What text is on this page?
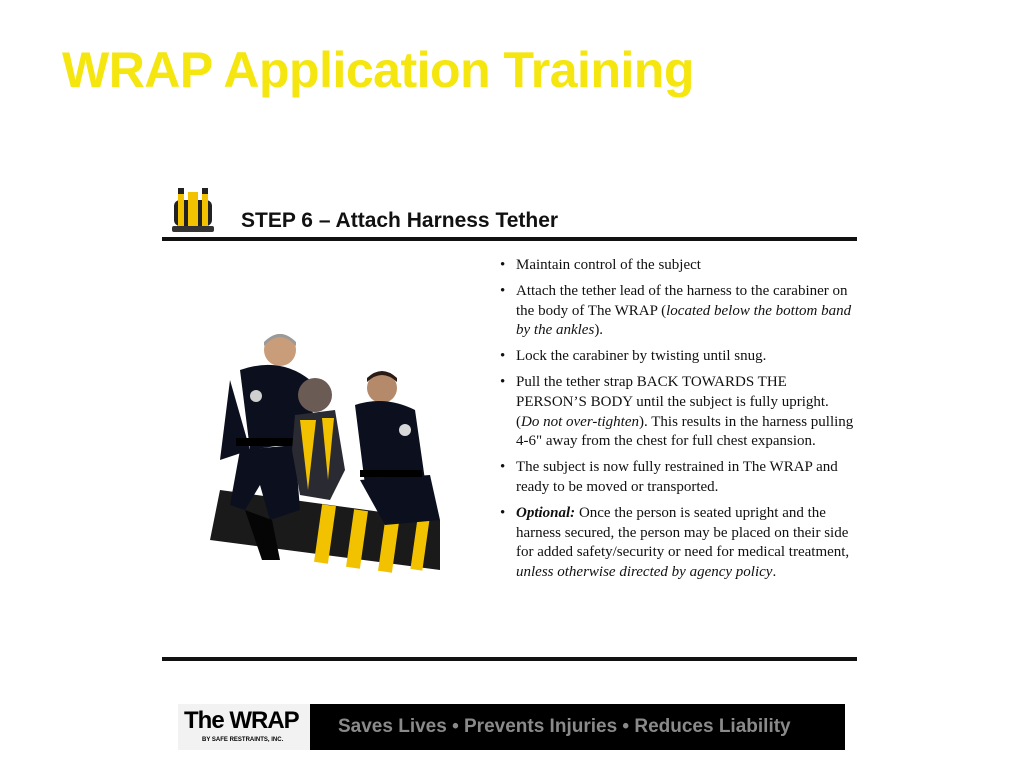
WRAP Application Training
STEP 6 – Attach Harness Tether
• Maintain control of the subject
• Attach the tether lead of the harness to the carabiner on the body of The WRAP (located below the bottom band by the ankles).
• Lock the carabiner by twisting until snug.
• Pull the tether strap BACK TOWARDS THE PERSON’S BODY until the subject is fully upright. (Do not over-tighten). This results in the harness pulling 4-6" away from the chest for full chest expansion.
• The subject is now fully restrained in The WRAP and ready to be moved or transported.
• Optional: Once the person is seated upright and the harness secured, the person may be placed on their side for added safety/security or need for medical treatment, unless otherwise directed by agency policy.
The WRAP
BY SAFE RESTRAINTS, INC.
Saves Lives • Prevents Injuries • Reduces Liability
